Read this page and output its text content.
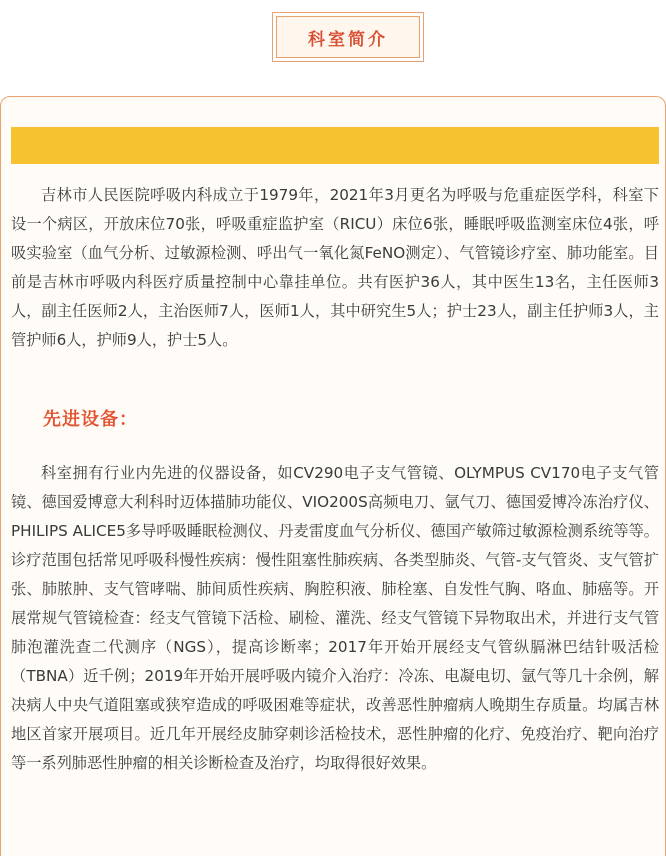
科室简介

吉林市人民医院呼吸内科成立于1979年，2021年3月更名为呼吸与危重症医学科，科室下设一个病区，开放床位70张，呼吸重症监护室（RICU）床位6张，睡眠呼吸监测室床位4张，呼吸实验室（血气分析、过敏源检测、呼出气一氧化氮FeNO测定）、气管镜诊疗室、肺功能室。目前是吉林市呼吸内科医疗质量控制中心靠挂单位。共有医护36人，其中医生13名，主任医师3人，副主任医师2人，主治医师7人，医师1人，其中研究生5人；护士23人，副主任护师3人，主管护师6人，护师9人，护士5人。

先进设备：

科室拥有行业内先进的仪器设备，如CV290电子支气管镜、OLYMPUS CV170电子支气管镜、德国爱博意大利科时迈体描肺功能仪、VIO200S高频电刀、氩气刀、德国爱博冷冻治疗仪、PHILIPS ALICE5多导呼吸睡眠检测仪、丹麦雷度血气分析仪、德国产敏筛过敏源检测系统等等。诊疗范围包括常见呼吸科慢性疾病：慢性阻塞性肺疾病、各类型肺炎、气管-支气管炎、支气管扩张、肺脓肿、支气管哮喘、肺间质性疾病、胸腔积液、肺栓塞、自发性气胸、咯血、肺癌等。开展常规气管镜检查：经支气管镜下活检、刷检、灌洗、经支气管镜下异物取出术，并进行支气管肺泡灌洗查二代测序（NGS），提高诊断率；2017年开始开展经支气管纵膈淋巴结针吸活检（TBNA）近千例；2019年开始开展呼吸内镜介入治疗：冷冻、电凝电切、氩气等几十余例，解决病人中央气道阻塞或狭窄造成的呼吸困难等症状，改善恶性肿瘤病人晚期生存质量。均属吉林地区首家开展项目。近几年开展经皮肺穿刺诊活检技术，恶性肿瘤的化疗、免疫治疗、靶向治疗等一系列肺恶性肿瘤的相关诊断检查及治疗，均取得很好效果。
